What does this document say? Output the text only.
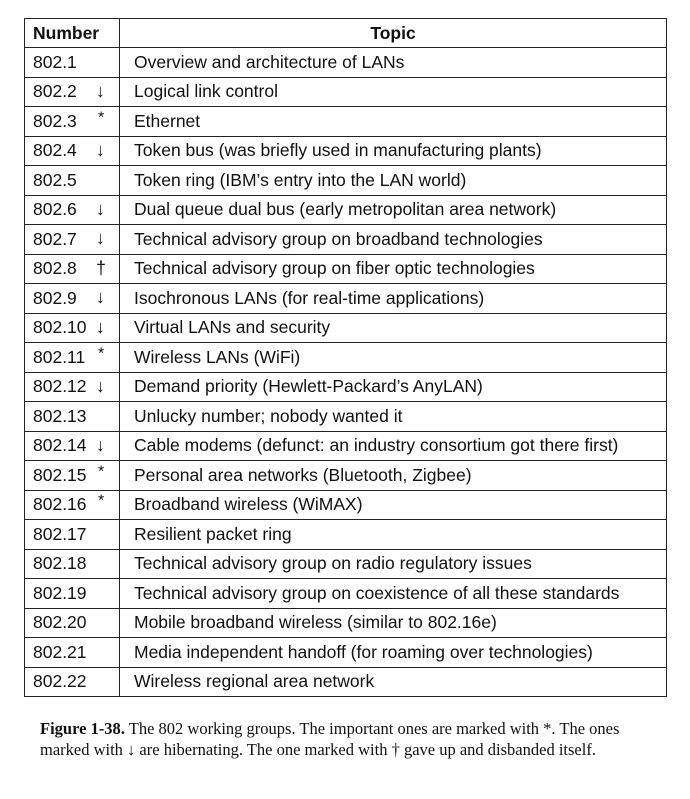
Number	Topic
802.1	Overview and architecture of LANs
802.2 ↓	Logical link control
802.3 *	Ethernet
802.4 ↓	Token bus (was briefly used in manufacturing plants)
802.5	Token ring (IBM’s entry into the LAN world)
802.6 ↓	Dual queue dual bus (early metropolitan area network)
802.7 ↓	Technical advisory group on broadband technologies
802.8 †	Technical advisory group on fiber optic technologies
802.9 ↓	Isochronous LANs (for real-time applications)
802.10 ↓	Virtual LANs and security
802.11 *	Wireless LANs (WiFi)
802.12 ↓	Demand priority (Hewlett-Packard’s AnyLAN)
802.13	Unlucky number; nobody wanted it
802.14 ↓	Cable modems (defunct: an industry consortium got there first)
802.15 *	Personal area networks (Bluetooth, Zigbee)
802.16 *	Broadband wireless (WiMAX)
802.17	Resilient packet ring
802.18	Technical advisory group on radio regulatory issues
802.19	Technical advisory group on coexistence of all these standards
802.20	Mobile broadband wireless (similar to 802.16e)
802.21	Media independent handoff (for roaming over technologies)
802.22	Wireless regional area network
Figure 1-38. The 802 working groups. The important ones are marked with *. The ones marked with ↓ are hibernating. The one marked with † gave up and disbanded itself.
